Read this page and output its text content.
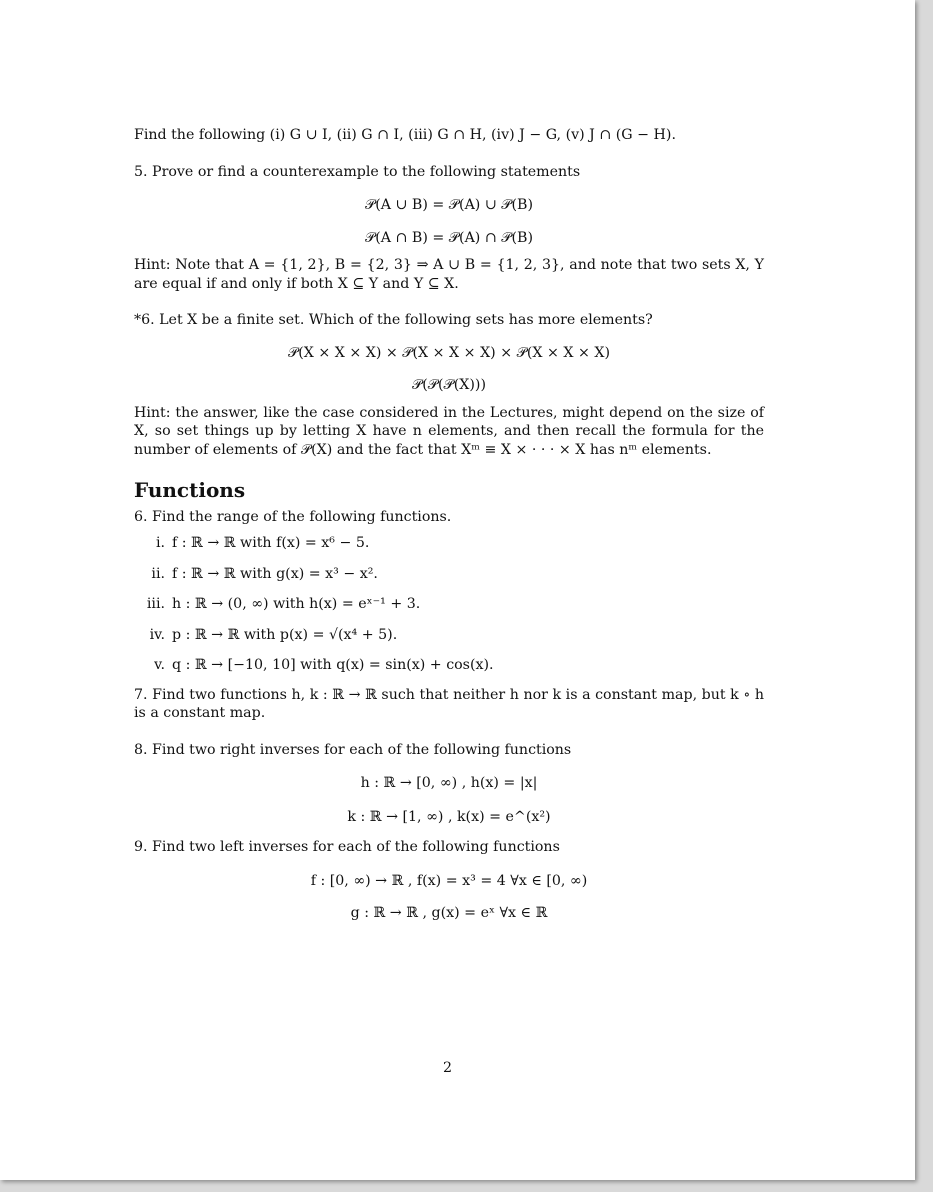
Find the following (i) G ∪ I, (ii) G ∩ I, (iii) G ∩ H, (iv) J − G, (v) J ∩ (G − H).

5. Prove or find a counterexample to the following statements

𝒫(A ∪ B) = 𝒫(A) ∪ 𝒫(B)

𝒫(A ∩ B) = 𝒫(A) ∩ 𝒫(B)

Hint: Note that A = {1, 2}, B = {2, 3} ⇒ A ∪ B = {1, 2, 3}, and note that two sets X, Y are equal if and only if both X ⊆ Y and Y ⊆ X.

*6. Let X be a finite set. Which of the following sets has more elements?

𝒫(X × X × X) × 𝒫(X × X × X) × 𝒫(X × X × X)

𝒫(𝒫(𝒫(X)))

Hint: the answer, like the case considered in the Lectures, might depend on the size of X, so set things up by letting X have n elements, and then recall the formula for the number of elements of 𝒫(X) and the fact that Xᵐ ≡ X × · · · × X has nᵐ elements.

Functions

6. Find the range of the following functions.

i. f : ℝ → ℝ with f(x) = x⁶ − 5.
ii. f : ℝ → ℝ with g(x) = x³ − x².
iii. h : ℝ → (0, ∞) with h(x) = eˣ⁻¹ + 3.
iv. p : ℝ → ℝ with p(x) = √(x⁴ + 5).
v. q : ℝ → [−10, 10] with q(x) = sin(x) + cos(x).

7. Find two functions h, k : ℝ → ℝ such that neither h nor k is a constant map, but k ∘ h is a constant map.

8. Find two right inverses for each of the following functions

h : ℝ → [0, ∞) , h(x) = |x|

k : ℝ → [1, ∞) , k(x) = e^(x²)

9. Find two left inverses for each of the following functions

f : [0, ∞) → ℝ , f(x) = x³ = 4 ∀x ∈ [0, ∞)

g : ℝ → ℝ , g(x) = eˣ ∀x ∈ ℝ

2
